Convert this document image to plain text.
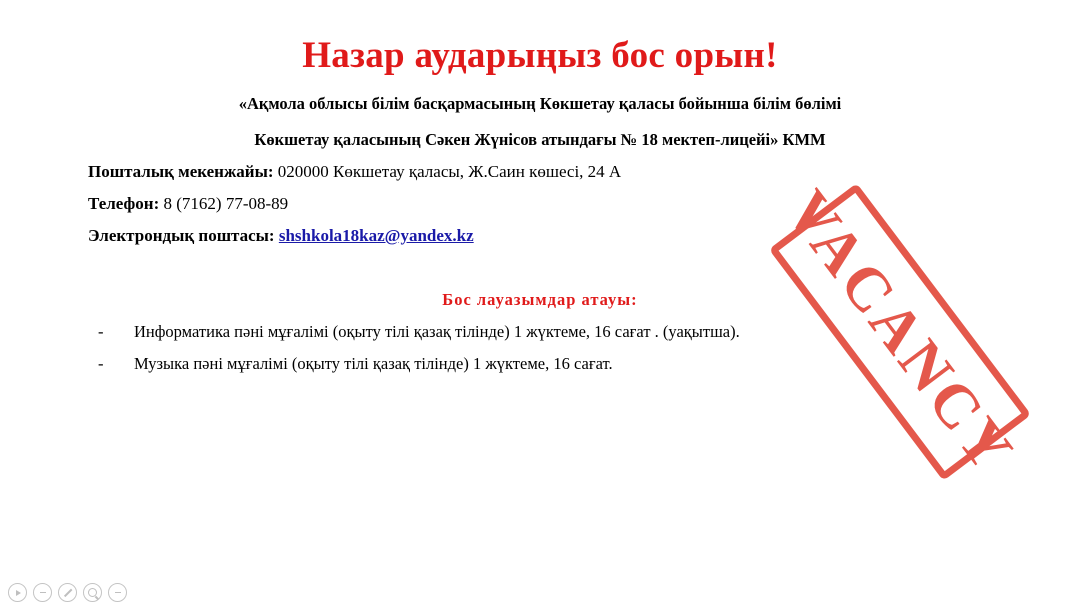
Назар аударыңыз бос орын!
«Ақмола облысы білім басқармасының Көкшетау қаласы бойынша білім бөлімі
Көкшетау қаласының Сәкен Жүнісов атындағы № 18 мектеп-лицейі» КММ
Пошталық мекенжайы: 020000 Көкшетау қаласы, Ж.Саин көшесі, 24 А
Телефон: 8 (7162) 77-08-89
Электрондық поштасы: shshkola18kaz@yandex.kz
Бос лауазымдар атауы:
-	Информатика пәні мұғалімі (оқыту тілі қазақ тілінде) 1 жүктеме, 16 сағат . (уақытша).
-	Музыка пәні мұғалімі (оқыту тілі қазақ тілінде) 1 жүктеме, 16 сағат.	VACANCY
